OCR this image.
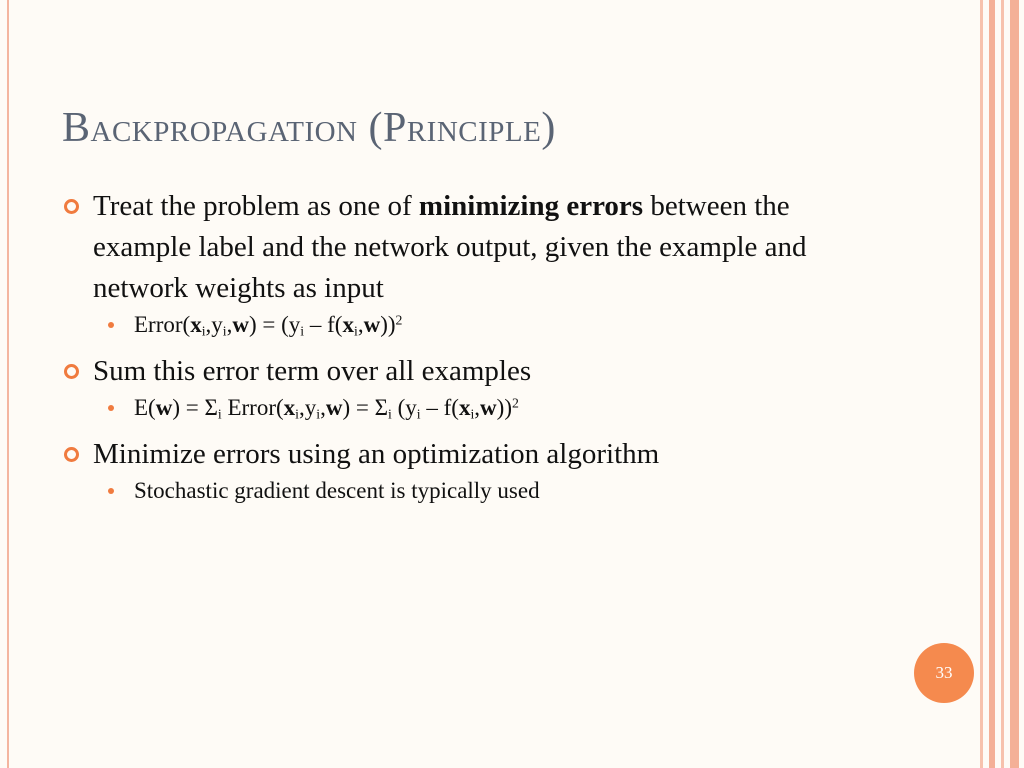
Backpropagation (Principle)

Treat the problem as one of minimizing errors between the example label and the network output, given the example and network weights as input

$Error(x_i,y_i,w) = (y_i - f(x_i,w))^2$

Sum this error term over all examples

$E(w) = \Sigma_i$ $Error(x_i,y_i,w) = \Sigma_i$ $(y_i - f(x_i,w))^2$

Minimize errors using an optimization algorithm

Stochastic gradient descent is typically used

33
